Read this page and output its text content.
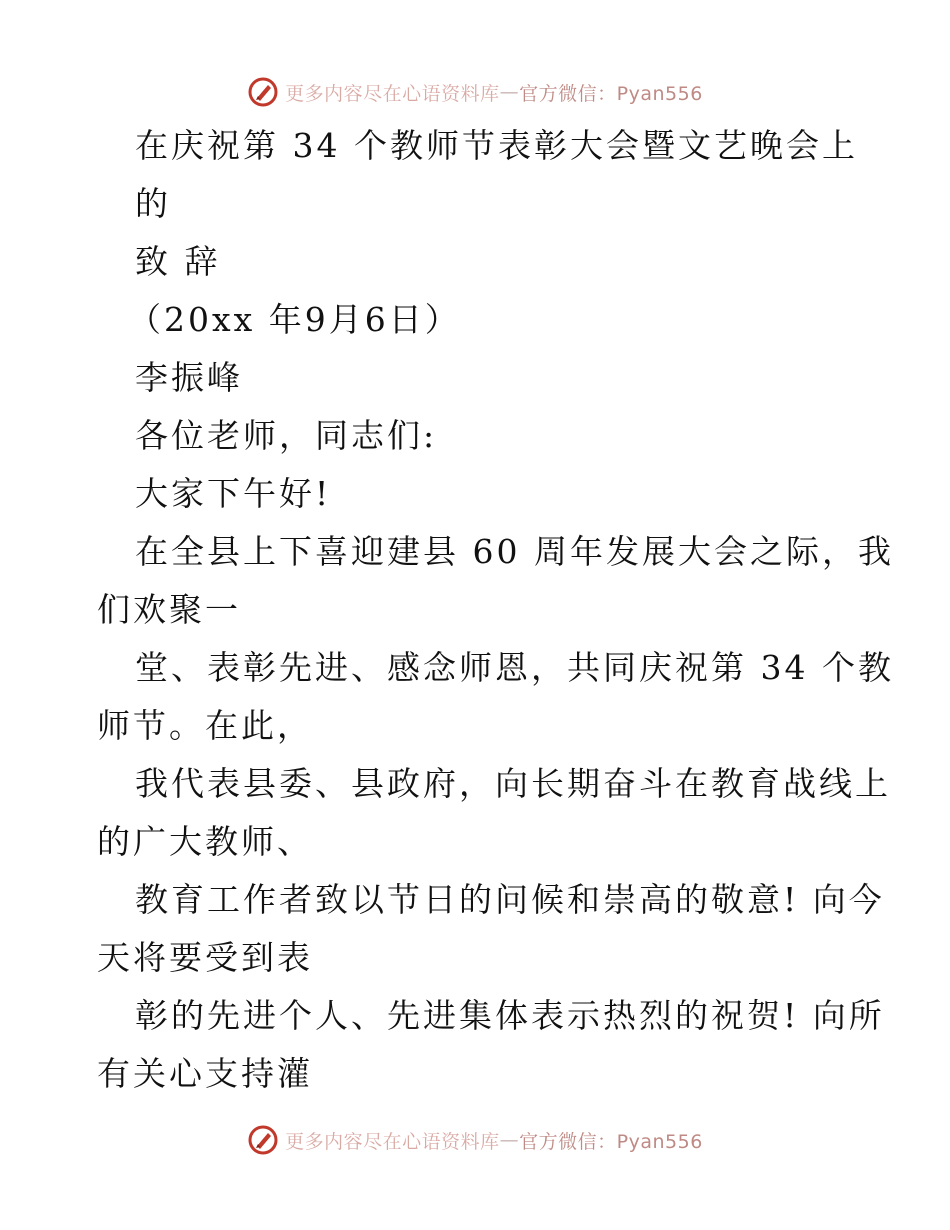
更多内容尽在心语资料库 — 官方微信：Pyan556
在庆祝第 34 个教师节表彰大会暨文艺晚会上
的
致 辞
（20xx 年9月6日）
李振峰
各位老师，同志们:
大家下午好!
在全县上下喜迎建县 60 周年发展大会之际，我
们欢聚一
堂、表彰先进、感念师恩，共同庆祝第 34 个教
师节。在此，
我代表县委、县政府，向长期奋斗在教育战线上
的广大教师、
教育工作者致以节日的问候和崇高的敬意! 向今
天将要受到表
彰的先进个人、先进集体表示热烈的祝贺! 向所
有关心支持灌
更多内容尽在心语资料库 — 官方微信：Pyan556
